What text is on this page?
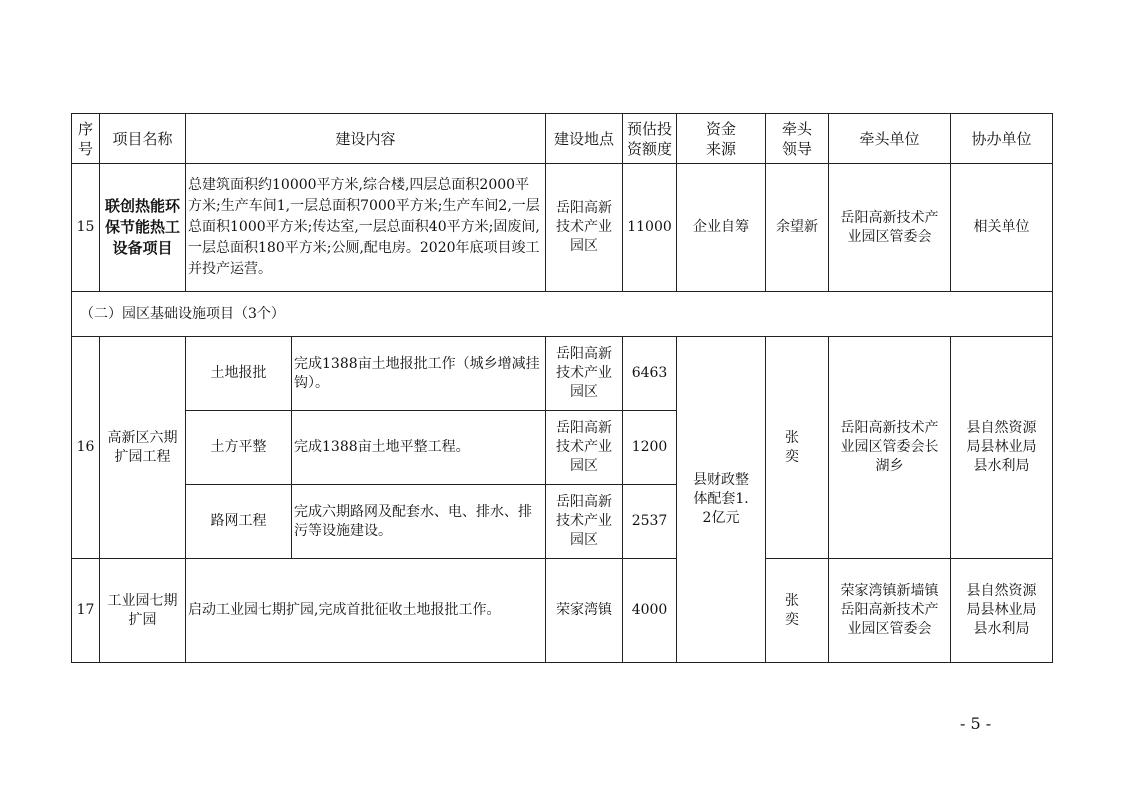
序号	项目名称	建设内容		建设地点	预估投资额度	资金来源	牵头领导	牵头单位	协办单位
15	联创热能环保节能热工设备项目	总建筑面积约10000平方米,综合楼,四层总面积2000平方米;生产车间1,一层总面积7000平方米;生产车间2,一层总面积1000平方米;传达室,一层总面积40平方米;固废间,一层总面积180平方米;公厕,配电房。2020年底项目竣工并投产运营。		岳阳高新技术产业园区	11000	企业自筹	余望新	岳阳高新技术产业园区管委会	相关单位
（二）园区基础设施项目（3个）									
16	高新区六期扩园工程	土地报批	完成1388亩土地报批工作（城乡增减挂钩）。	岳阳高新技术产业园区	6463	县财政整体配套1.2亿元	张　奕	岳阳高新技术产业园区管委会长湖乡	县自然资源局县林业局县水利局
		土方平整	完成1388亩土地平整工程。	岳阳高新技术产业园区	1200				
		路网工程	完成六期路网及配套水、电、排水、排污等设施建设。	岳阳高新技术产业园区	2537				
17	工业园七期扩园	启动工业园七期扩园,完成首批征收土地报批工作。		荣家湾镇	4000		张　奕	荣家湾镇新墙镇岳阳高新技术产业园区管委会	县自然资源局县林业局县水利局
- 5 -
